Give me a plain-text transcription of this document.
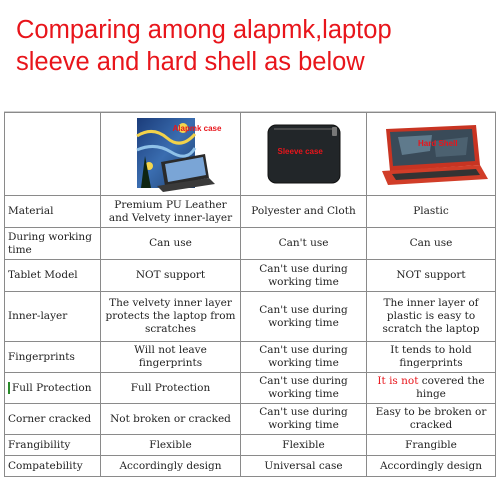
Comparing among alapmk,laptop
sleeve and hard shell as below

	Alapmk case	Sleeve case	Hard Shell

Material	Premium PU Leather and Velvety inner-layer	Polyester and Cloth	Plastic
During working time	Can use	Can't use	Can use
Tablet Model	NOT support	Can't use during working time	NOT support
Inner-layer	The velvety inner layer protects the laptop from scratches	Can't use during working time	The inner layer of plastic is easy to scratch the laptop
Fingerprints	Will not leave fingerprints	Can't use during working time	It tends to hold fingerprints
Full Protection	Full Protection	Can't use during working time	It is not covered the hinge
Corner cracked	Not broken or cracked	Can't use during working time	Easy to be broken or cracked
Frangibility	Flexible	Flexible	Frangible
Compatebility	Accordingly design	Universal case	Accordingly design
